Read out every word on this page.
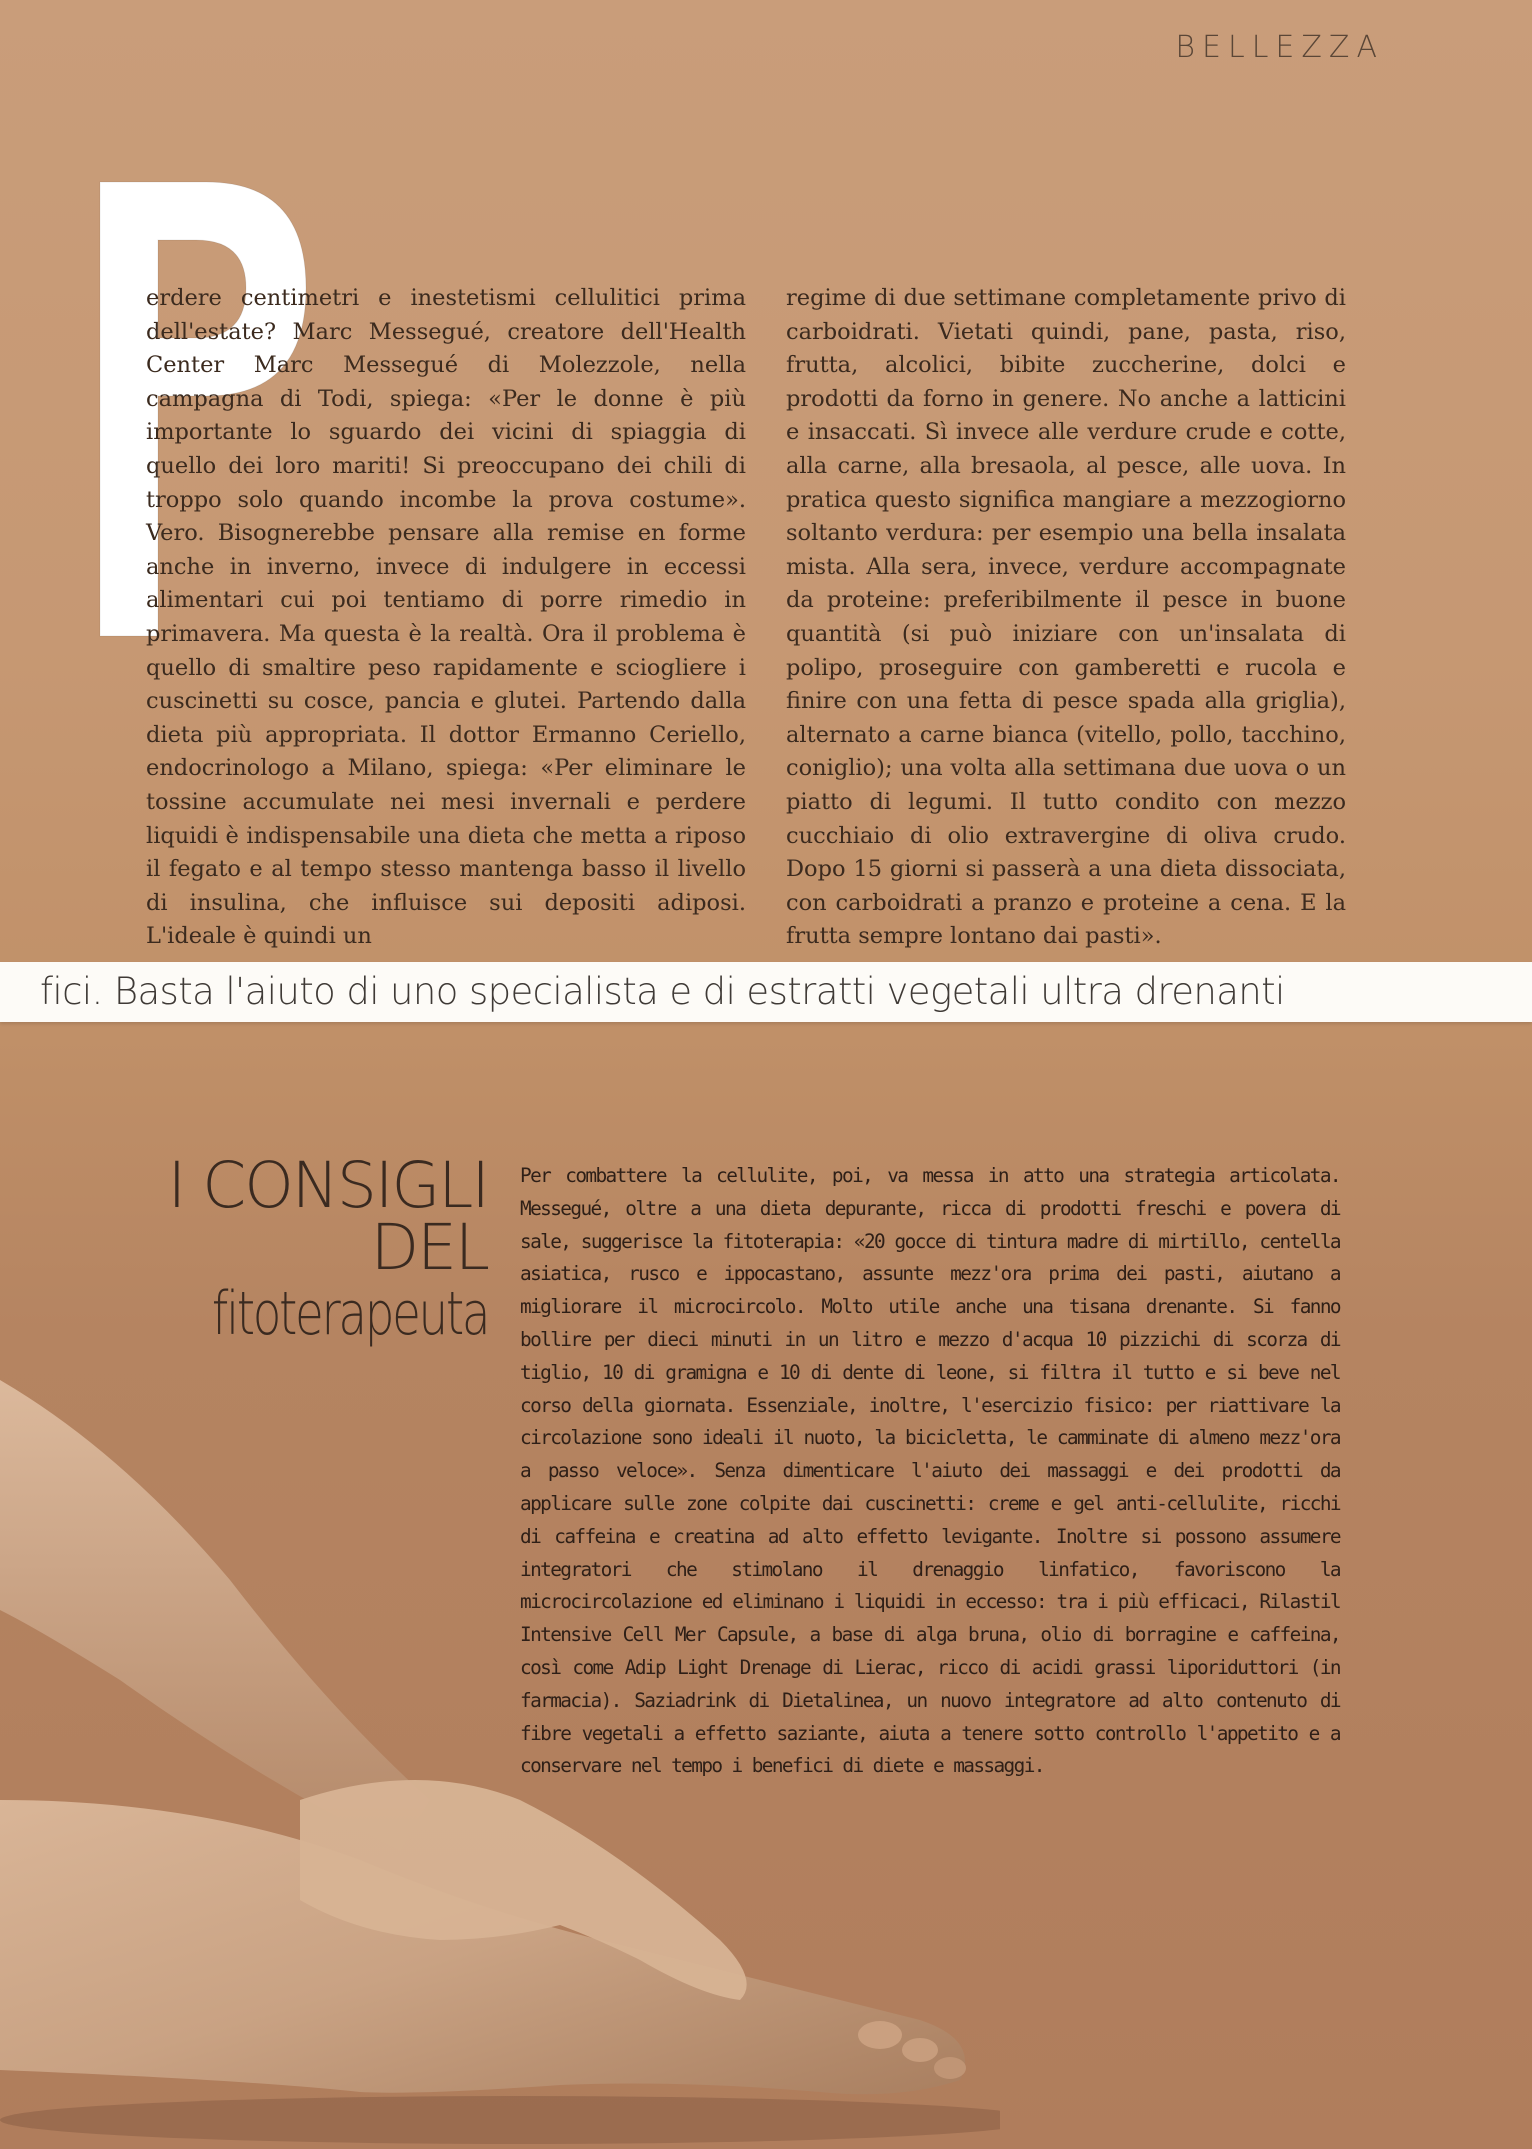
BELLEZZA

erdere centimetri e inestetismi cellulitici prima dell'estate? Marc Messegué, creatore dell'Health Center Marc Messegué di Molezzole, nella campagna di Todi, spiega: «Per le donne è più importante lo sguardo dei vicini di spiaggia di quello dei loro mariti! Si preoccupano dei chili di troppo solo quando incombe la prova costume». Vero. Bisognerebbe pensare alla remise en forme anche in inverno, invece di indulgere in eccessi alimentari cui poi tentiamo di porre rimedio in primavera. Ma questa è la realtà. Ora il problema è quello di smaltire peso rapidamente e sciogliere i cuscinetti su cosce, pancia e glutei. Partendo dalla dieta più appropriata. Il dottor Ermanno Ceriello, endocrinologo a Milano, spiega: «Per eliminare le tossine accumulate nei mesi invernali e perdere liquidi è indispensabile una dieta che metta a riposo il fegato e al tempo stesso mantenga basso il livello di insulina, che influisce sui depositi adiposi. L'ideale è quindi un

regime di due settimane completamente privo di carboidrati. Vietati quindi, pane, pasta, riso, frutta, alcolici, bibite zuccherine, dolci e prodotti da forno in genere. No anche a latticini e insaccati. Sì invece alle verdure crude e cotte, alla carne, alla bresaola, al pesce, alle uova. In pratica questo significa mangiare a mezzogiorno soltanto verdura: per esempio una bella insalata mista. Alla sera, invece, verdure accompagnate da proteine: preferibilmente il pesce in buone quantità (si può iniziare con un'insalata di polipo, proseguire con gamberetti e rucola e finire con una fetta di pesce spada alla griglia), alternato a carne bianca (vitello, pollo, tacchino, coniglio); una volta alla settimana due uova o un piatto di legumi. Il tutto condito con mezzo cucchiaio di olio extravergine di oliva crudo. Dopo 15 giorni si passerà a una dieta dissociata, con carboidrati a pranzo e proteine a cena. E la frutta sempre lontano dai pasti».

fici. Basta l'aiuto di uno specialista e di estratti vegetali ultra drenanti
I CONSIGLI
DEL
fitoterapeuta

Per combattere la cellulite, poi, va messa in atto una strategia articolata. Messegué, oltre a una dieta depurante, ricca di prodotti freschi e povera di sale, suggerisce la fitoterapia: «20 gocce di tintura madre di mirtillo, centella asiatica, rusco e ippocastano, assunte mezz'ora prima dei pasti, aiutano a migliorare il microcircolo. Molto utile anche una tisana drenante. Si fanno bollire per dieci minuti in un litro e mezzo d'acqua 10 pizzichi di scorza di tiglio, 10 di gramigna e 10 di dente di leone, si filtra il tutto e si beve nel corso della giornata. Essenziale, inoltre, l'esercizio fisico: per riattivare la circolazione sono ideali il nuoto, la bicicletta, le camminate di almeno mezz'ora a passo veloce». Senza dimenticare l'aiuto dei massaggi e dei prodotti da applicare sulle zone colpite dai cuscinetti: creme e gel anti-cellulite, ricchi di caffeina e creatina ad alto effetto levigante. Inoltre si possono assumere integratori che stimolano il drenaggio linfatico, favoriscono la microcircolazione ed eliminano i liquidi in eccesso: tra i più efficaci, Rilastil Intensive Cell Mer Capsule, a base di alga bruna, olio di borragine e caffeina, così come Adip Light Drenage di Lierac, ricco di acidi grassi liporiduttori (in farmacia). Saziadrink di Dietalinea, un nuovo integratore ad alto contenuto di fibre vegetali a effetto saziante, aiuta a tenere sotto controllo l'appetito e a conservare nel tempo i benefici di diete e massaggi.
